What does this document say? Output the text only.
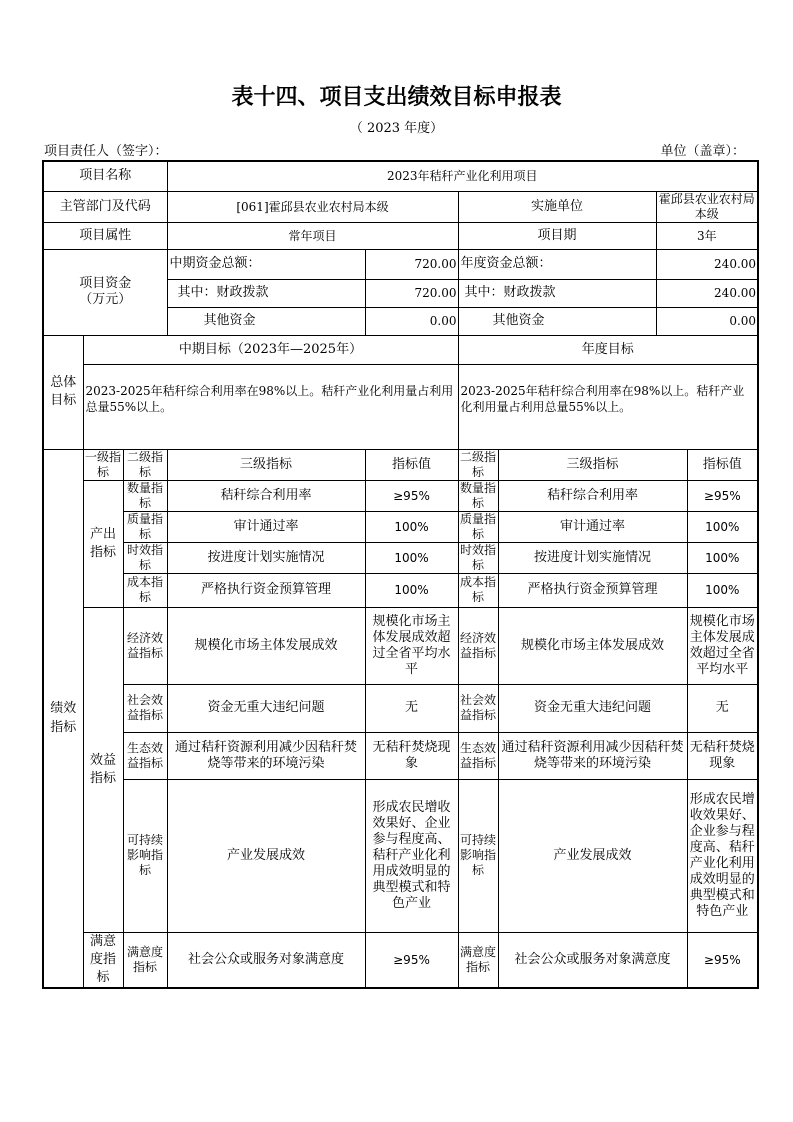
表十四、项目支出绩效目标申报表
（ 2023 年度）
项目责任人（签字）：	单位（盖章）：
项目名称			2023年秸秆产业化利用项目					
主管部门及代码			[061]霍邱县农业农村局本级		实施单位		霍邱县农业农村局本级	
项目属性			常年项目		项目期		3年	
项目资金
（万元）			中期资金总额：	720.00	年度资金总额：		240.00	
			其中：财政拨款	720.00	其中：财政拨款		240.00	
			其他资金	0.00	其他资金		0.00	
总体目标	中期目标（2023年—2025年）				年度目标			
	2023-2025年秸秆综合利用率在98%以上。秸秆产业化利用量占利用总量55%以上。				2023-2025年秸秆综合利用率在98%以上。秸秆产业化利用量占利用总量55%以上。			
绩效指标	一级指标	二级指标	三级指标	指标值	二级指标	三级指标		指标值
	产出指标	数量指标	秸秆综合利用率	≥95%	数量指标	秸秆综合利用率		≥95%
		质量指标	审计通过率	100%	质量指标	审计通过率		100%
		时效指标	按进度计划实施情况	100%	时效指标	按进度计划实施情况		100%
		成本指标	严格执行资金预算管理	100%	成本指标	严格执行资金预算管理		100%
	效益指标	经济效益指标	规模化市场主体发展成效	规模化市场主体发展成效超过全省平均水平	经济效益指标	规模化市场主体发展成效		规模化市场主体发展成效超过全省平均水平
		社会效益指标	资金无重大违纪问题	无	社会效益指标	资金无重大违纪问题		无
		生态效益指标	通过秸秆资源利用减少因秸秆焚烧等带来的环境污染	无秸秆焚烧现象	生态效益指标	通过秸秆资源利用减少因秸秆焚烧等带来的环境污染		无秸秆焚烧现象
		可持续影响指标	产业发展成效	形成农民增收效果好、企业参与程度高、秸秆产业化利用成效明显的典型模式和特色产业	可持续影响指标	产业发展成效		形成农民增收效果好、企业参与程度高、秸秆产业化利用成效明显的典型模式和特色产业
	满意度指标	满意度指标	社会公众或服务对象满意度	≥95%	满意度指标	社会公众或服务对象满意度		≥95%
